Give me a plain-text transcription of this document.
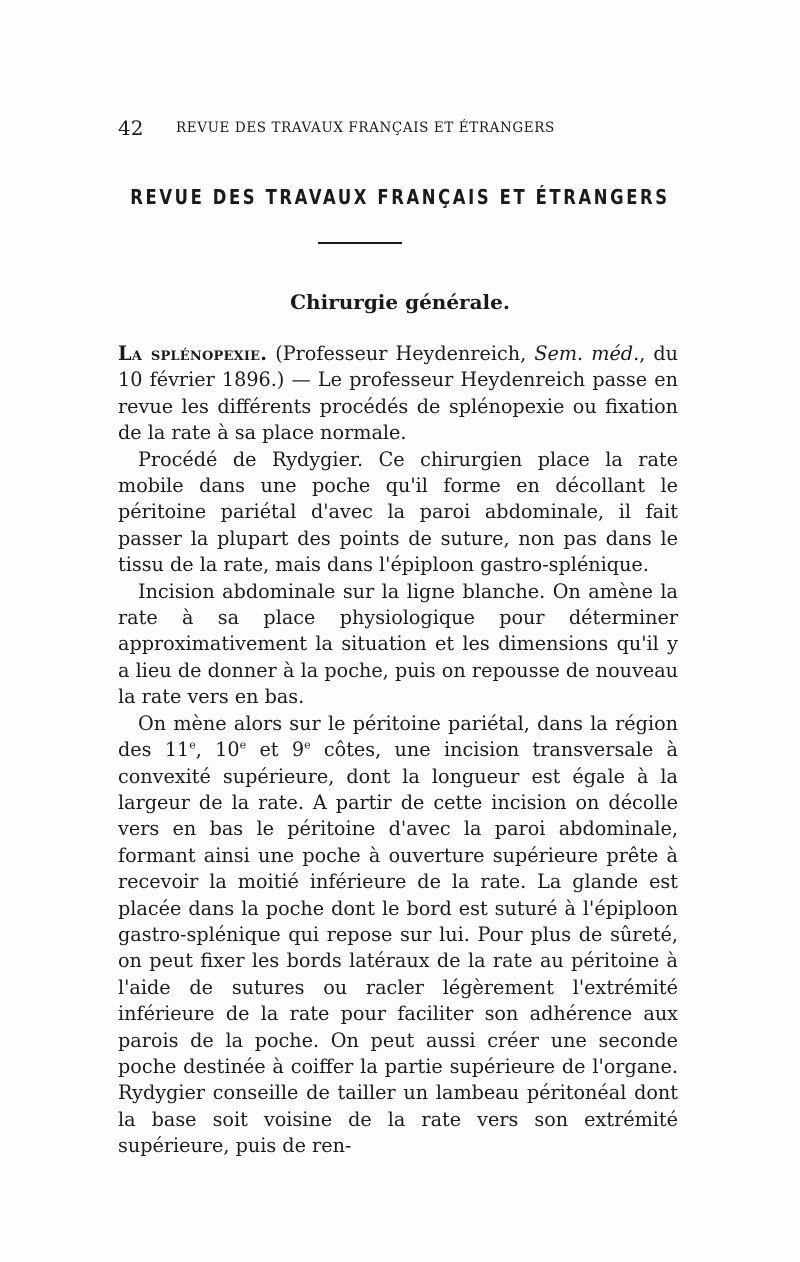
42 REVUE DES TRAVAUX FRANÇAIS ET ÉTRANGERS
REVUE DES TRAVAUX FRANÇAIS ET ÉTRANGERS
Chirurgie générale.

La splénopexie. (Professeur Heydenreich, Sem. méd., du 10 février 1896.) — Le professeur Heydenreich passe en revue les différents procédés de splénopexie ou fixation de la rate à sa place normale.

Procédé de Rydygier. Ce chirurgien place la rate mobile dans une poche qu'il forme en décollant le péritoine pariétal d'avec la paroi abdominale, il fait passer la plupart des points de suture, non pas dans le tissu de la rate, mais dans l'épiploon gastro-splénique.

Incision abdominale sur la ligne blanche. On amène la rate à sa place physiologique pour déterminer approximativement la situation et les dimensions qu'il y a lieu de donner à la poche, puis on repousse de nouveau la rate vers en bas.

On mène alors sur le péritoine pariétal, dans la région des 11e, 10e et 9e côtes, une incision transversale à convexité supérieure, dont la longueur est égale à la largeur de la rate. A partir de cette incision on décolle vers en bas le péritoine d'avec la paroi abdominale, formant ainsi une poche à ouverture supérieure prête à recevoir la moitié inférieure de la rate. La glande est placée dans la poche dont le bord est suturé à l'épiploon gastro-splénique qui repose sur lui. Pour plus de sûreté, on peut fixer les bords latéraux de la rate au péritoine à l'aide de sutures ou racler légèrement l'extrémité inférieure de la rate pour faciliter son adhérence aux parois de la poche. On peut aussi créer une seconde poche destinée à coiffer la partie supérieure de l'organe. Rydygier conseille de tailler un lambeau péritonéal dont la base soit voisine de la rate vers son extrémité supérieure, puis de ren-
